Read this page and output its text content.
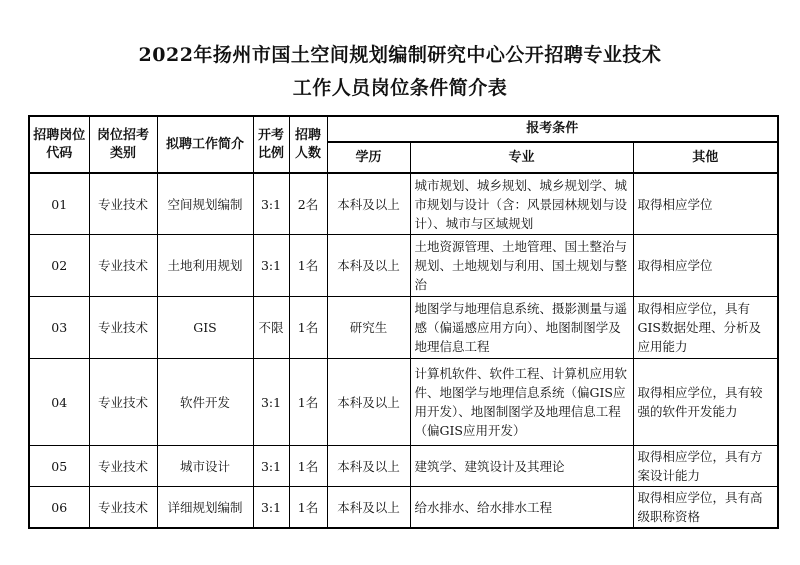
2022年扬州市国土空间规划编制研究中心公开招聘专业技术
工作人员岗位条件简介表
招聘岗位代码	岗位招考类别	拟聘工作简介	开考比例	招聘人数	报考条件		
					学历	专业	其他
01	专业技术	空间规划编制	3:1	2名	本科及以上	城市规划、城乡规划、城乡规划学、城市规划与设计（含：风景园林规划与设计）、城市与区域规划	取得相应学位
02	专业技术	土地利用规划	3:1	1名	本科及以上	土地资源管理、土地管理、国土整治与规划、土地规划与利用、国土规划与整治	取得相应学位
03	专业技术	GIS	不限	1名	研究生	地图学与地理信息系统、摄影测量与遥感（偏遥感应用方向）、地图制图学及地理信息工程	取得相应学位，具有GIS数据处理、分析及应用能力
04	专业技术	软件开发	3:1	1名	本科及以上	计算机软件、软件工程、计算机应用软件、地图学与地理信息系统（偏GIS应用开发）、地图制图学及地理信息工程（偏GIS应用开发）	取得相应学位，具有较强的软件开发能力
05	专业技术	城市设计	3:1	1名	本科及以上	建筑学、建筑设计及其理论	取得相应学位，具有方案设计能力
06	专业技术	详细规划编制	3:1	1名	本科及以上	给水排水、给水排水工程	取得相应学位，具有高级职称资格
